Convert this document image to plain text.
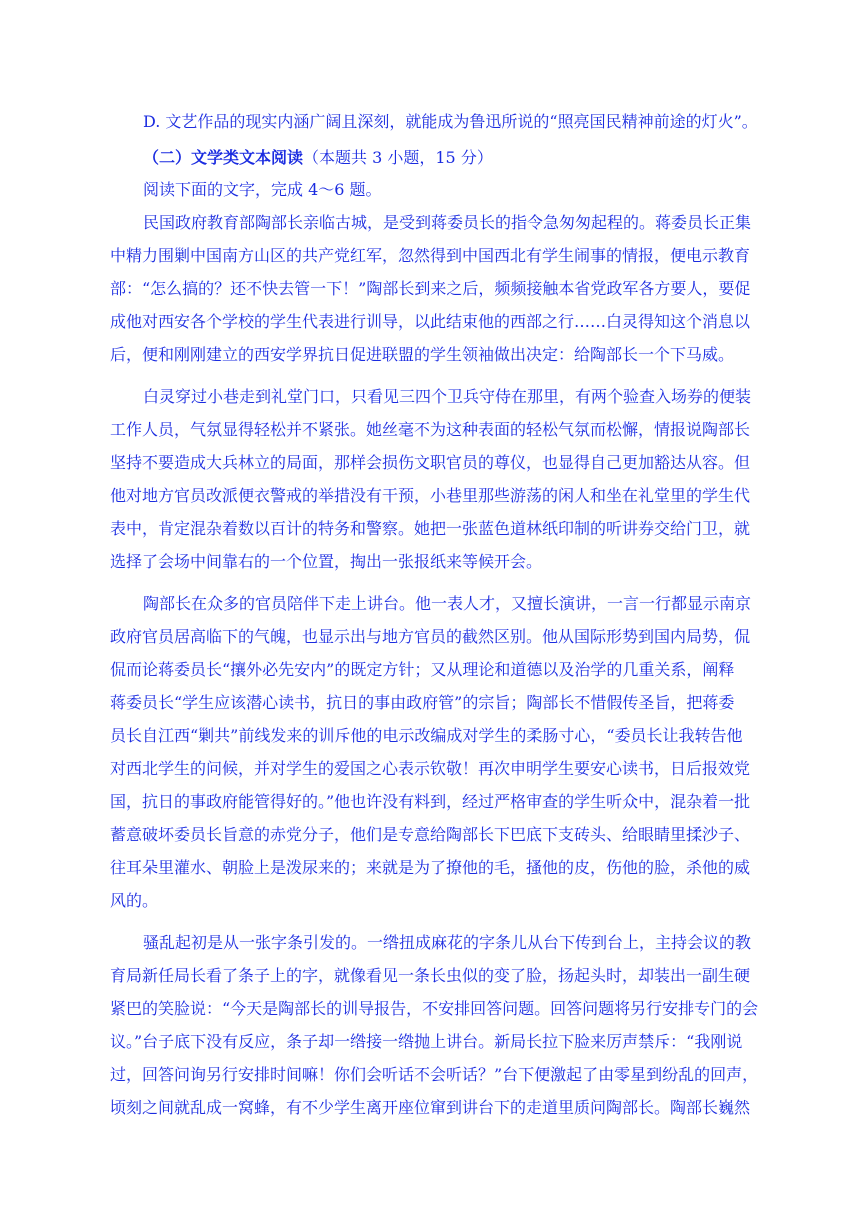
D. 文艺作品的现实内涵广阔且深刻，就能成为鲁迅所说的“照亮国民精神前途的灯火”。
（二）文学类文本阅读（本题共 3 小题，15 分）
阅读下面的文字，完成 4～6 题。
民国政府教育部陶部长亲临古城，是受到蒋委员长的指令急匆匆起程的。蒋委员长正集
中精力围剿中国南方山区的共产党红军，忽然得到中国西北有学生闹事的情报，便电示教育
部：“怎么搞的？还不快去管一下！”陶部长到来之后，频频接触本省党政军各方要人，要促
成他对西安各个学校的学生代表进行训导，以此结束他的西部之行……白灵得知这个消息以
后，便和刚刚建立的西安学界抗日促进联盟的学生领袖做出决定：给陶部长一个下马威。
白灵穿过小巷走到礼堂门口，只看见三四个卫兵守侍在那里，有两个验查入场券的便装
工作人员，气氛显得轻松并不紧张。她丝毫不为这种表面的轻松气氛而松懈，情报说陶部长
坚持不要造成大兵林立的局面，那样会损伤文职官员的尊仪，也显得自己更加豁达从容。但
他对地方官员改派便衣警戒的举措没有干预，小巷里那些游荡的闲人和坐在礼堂里的学生代
表中，肯定混杂着数以百计的特务和警察。她把一张蓝色道林纸印制的听讲券交给门卫，就
选择了会场中间靠右的一个位置，掏出一张报纸来等候开会。
陶部长在众多的官员陪伴下走上讲台。他一表人才，又擅长演讲，一言一行都显示南京
政府官员居高临下的气魄，也显示出与地方官员的截然区别。他从国际形势到国内局势，侃
侃而论蒋委员长“攘外必先安内”的既定方针；又从理论和道德以及治学的几重关系，阐释
蒋委员长“学生应该潜心读书，抗日的事由政府管”的宗旨；陶部长不惜假传圣旨，把蒋委
员长自江西“剿共”前线发来的训斥他的电示改编成对学生的柔肠寸心，“委员长让我转告他
对西北学生的问候，并对学生的爱国之心表示钦敬！再次申明学生要安心读书，日后报效党
国，抗日的事政府能管得好的。”他也许没有料到，经过严格审查的学生听众中，混杂着一批
蓄意破坏委员长旨意的赤党分子，他们是专意给陶部长下巴底下支砖头、给眼睛里揉沙子、
往耳朵里灌水、朝脸上是泼尿来的；来就是为了撩他的毛，搔他的皮，伤他的脸，杀他的威
风的。
骚乱起初是从一张字条引发的。一绺扭成麻花的字条儿从台下传到台上，主持会议的教
育局新任局长看了条子上的字，就像看见一条长虫似的变了脸，扬起头时，却装出一副生硬
紧巴的笑脸说：“今天是陶部长的训导报告，不安排回答问题。回答问题将另行安排专门的会
议。”台子底下没有反应，条子却一绺接一绺抛上讲台。新局长拉下脸来厉声禁斥：“我刚说
过，回答问询另行安排时间嘛！你们会听话不会听话？”台下便激起了由零星到纷乱的回声，
顷刻之间就乱成一窝蜂，有不少学生离开座位窜到讲台下的走道里质问陶部长。陶部长巍然
